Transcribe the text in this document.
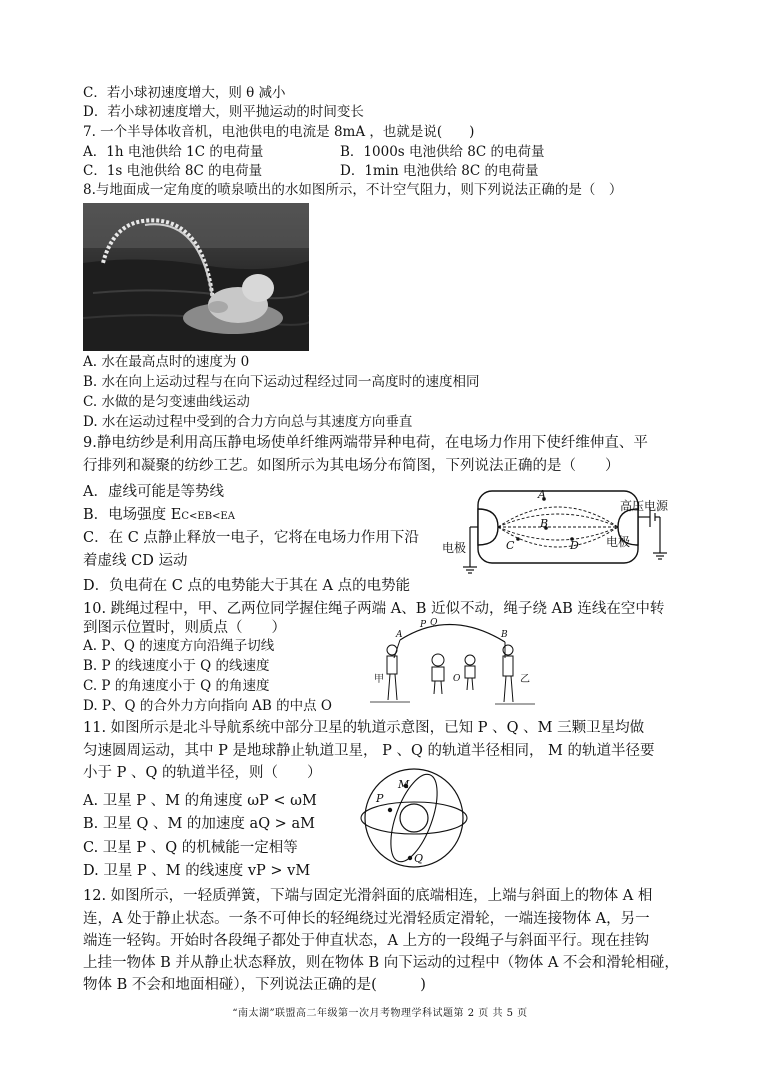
C．若小球初速度增大，则 θ 减小
D．若小球初速度增大，则平抛运动的时间变长
7. 一个半导体收音机，电池供电的电流是 8mA ，也就是说(　　)
A．1h 电池供给 1C 的电荷量	B．1000s 电池供给 8C 的电荷量
C．1s 电池供给 8C 的电荷量	D．1min 电池供给 8C 的电荷量
8.与地面成一定角度的喷泉喷出的水如图所示，不计空气阻力，则下列说法正确的是（　）
A. 水在最高点时的速度为 0
B. 水在向上运动过程与在向下运动过程经过同一高度时的速度相同
C. 水做的是匀变速曲线运动
D. 水在运动过程中受到的合力方向总与其速度方向垂直
9.静电纺纱是利用高压静电场使单纤维两端带异种电荷，在电场力作用下使纤维伸直、平
行排列和凝聚的纺纱工艺。如图所示为其电场分布简图，下列说法正确的是（　　）
A．虚线可能是等势线
B．电场强度 EC<EB<EA
C．在 C 点静止释放一电子，它将在电场力作用下沿
着虚线 CD 运动
D．负电荷在 C 点的电势能大于其在 A 点的电势能
高压电源
电极	电极
A
B
C	D
10. 跳绳过程中，甲、乙两位同学握住绳子两端 A、B 近似不动，绳子绕 AB 连线在空中转
到图示位置时，则质点（　　）
A. P、Q 的速度方向沿绳子切线
B. P 的线速度小于 Q 的线速度
C. P 的角速度小于 Q 的角速度
D. P、Q 的合外力方向指向 AB 的中点 O
A
P Q
B
O
甲	乙
11. 如图所示是北斗导航系统中部分卫星的轨道示意图，已知 P 、Q 、M 三颗卫星均做
匀速圆周运动，其中 P 是地球静止轨道卫星， P 、Q 的轨道半径相同， M 的轨道半径要
小于 P 、Q 的轨道半径，则（　　）
A. 卫星 P 、M 的角速度 ωP < ωM
B. 卫星 Q 、M 的加速度 aQ > aM
C. 卫星 P 、Q 的机械能一定相等
D. 卫星 P 、M 的线速度 vP > vM
M
P
Q
12. 如图所示，一轻质弹簧，下端与固定光滑斜面的底端相连，上端与斜面上的物体 A 相
连，A 处于静止状态。一条不可伸长的轻绳绕过光滑轻质定滑轮，一端连接物体 A，另一
端连一轻钩。开始时各段绳子都处于伸直状态，A 上方的一段绳子与斜面平行。现在挂钩
上挂一物体 B 并从静止状态释放，则在物体 B 向下运动的过程中（物体 A 不会和滑轮相碰，
物体 B 不会和地面相碰），下列说法正确的是(　　　)
“南太湖”联盟高二年级第一次月考物理学科试题第 2 页 共 5 页
